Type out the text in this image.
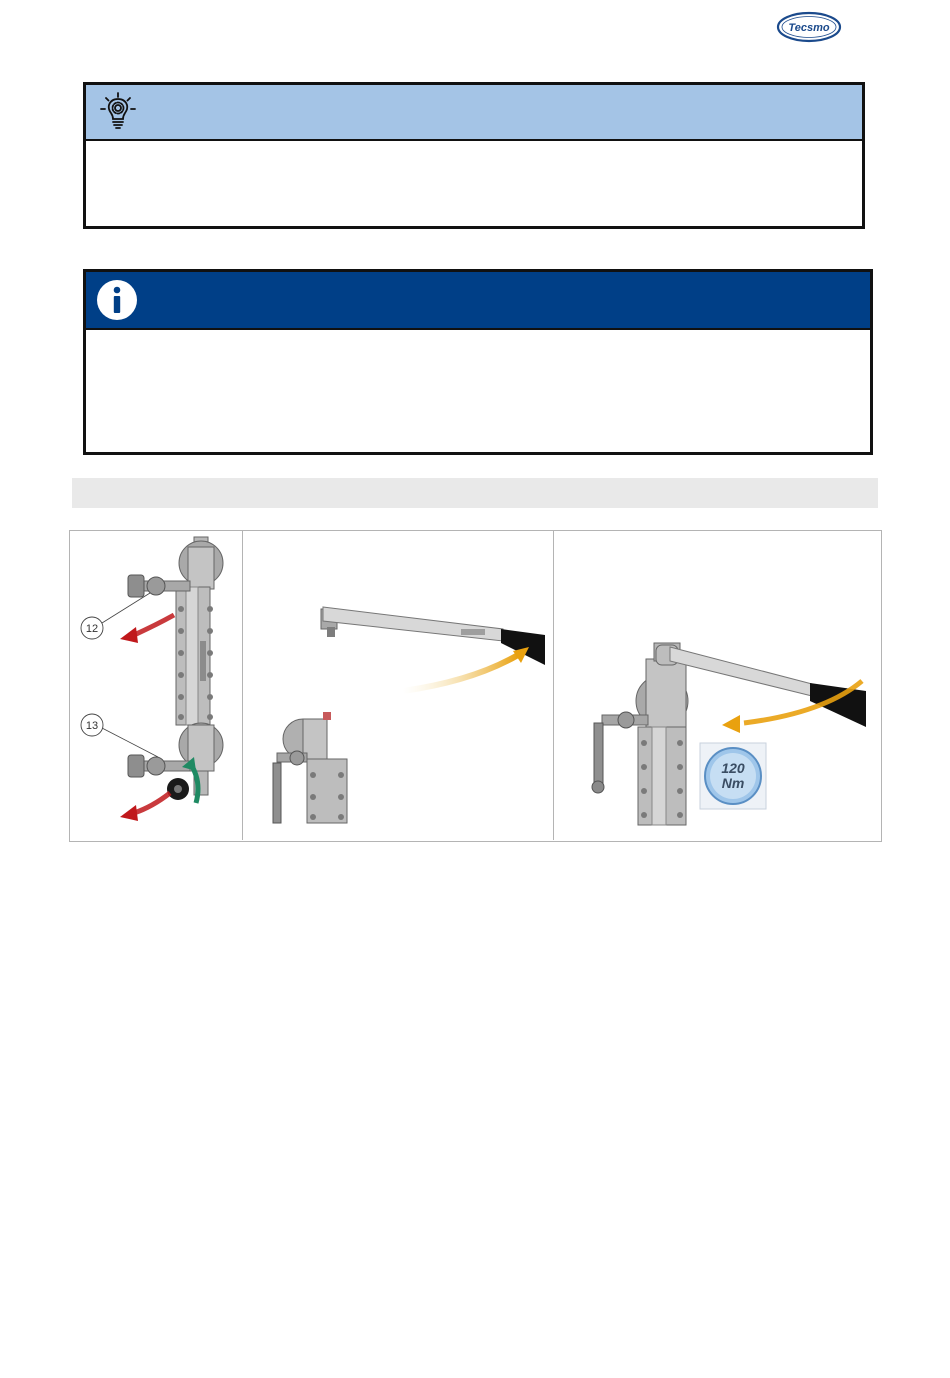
Tecsmo
12
13
120
Nm
